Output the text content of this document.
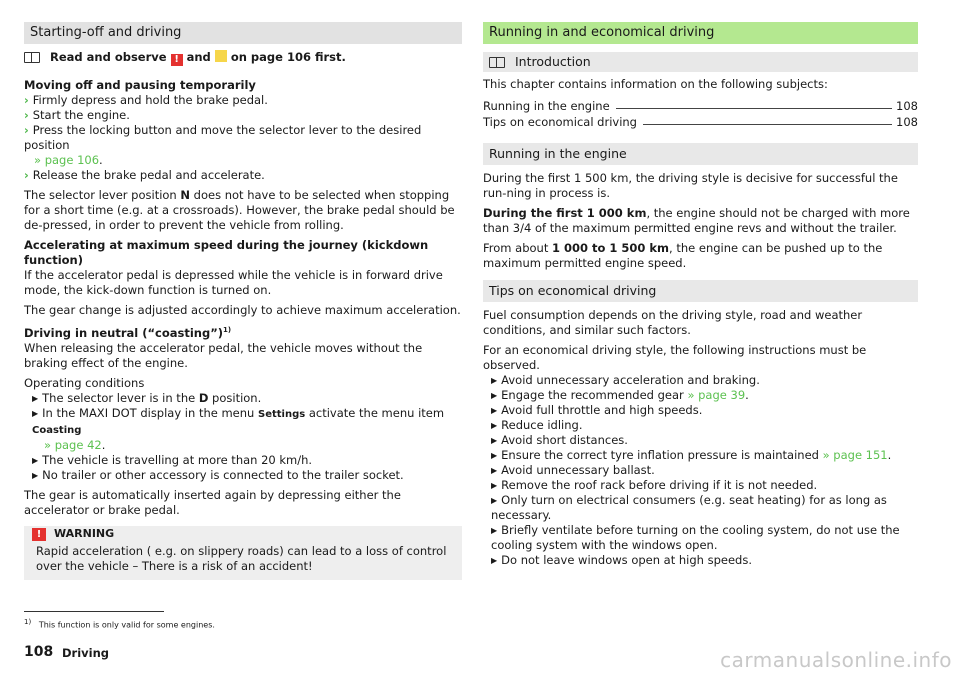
Starting-off and driving

Read and observe ! and on page 106 first.

Moving off and pausing temporarily

› Firmly depress and hold the brake pedal.

› Start the engine.

› Press the locking button and move the selector lever to the desired position
» page 106.

› Release the brake pedal and accelerate.

The selector lever position N does not have to be selected when stopping for a short time (e.g. at a crossroads). However, the brake pedal should be de-pressed, in order to prevent the vehicle from rolling.

Accelerating at maximum speed during the journey (kickdown function)

If the accelerator pedal is depressed while the vehicle is in forward drive mode, the kick-down function is turned on.

The gear change is adjusted accordingly to achieve maximum acceleration.

Driving in neutral (“coasting”)$^{1)}$

When releasing the accelerator pedal, the vehicle moves without the braking effect of the engine.

Operating conditions

▶ The selector lever is in the D position.

▶ In the MAXI DOT display in the menu Settings activate the menu item Coasting
» page 42.

▶ The vehicle is travelling at more than 20 km/h.

▶ No trailer or other accessory is connected to the trailer socket.

The gear is automatically inserted again by depressing either the accelerator or brake pedal.

! WARNING
Rapid acceleration ( e.g. on slippery roads) can lead to a loss of control over the vehicle – There is a risk of an accident!
Running in and economical driving
Introduction

This chapter contains information on the following subjects:

Running in the engine	108
Tips on economical driving	108
Running in the engine

During the first 1 500 km, the driving style is decisive for successful the run-ning in process is.

During the first 1 000 km, the engine should not be charged with more than 3/4 of the maximum permitted engine revs and without the trailer.

From about 1 000 to 1 500 km, the engine can be pushed up to the maximum permitted engine speed.

Tips on economical driving

Fuel consumption depends on the driving style, road and weather conditions, and similar such factors.

For an economical driving style, the following instructions must be observed.

▶ Avoid unnecessary acceleration and braking.

▶ Engage the recommended gear » page 39.

▶ Avoid full throttle and high speeds.

▶ Reduce idling.

▶ Avoid short distances.

▶ Ensure the correct tyre inflation pressure is maintained » page 151.

▶ Avoid unnecessary ballast.

▶ Remove the roof rack before driving if it is not needed.

▶ Only turn on electrical consumers (e.g. seat heating) for as long as necessary.

▶ Briefly ventilate before turning on the cooling system, do not use the cooling system with the windows open.

▶ Do not leave windows open at high speeds.

$^{1)}$ This function is only valid for some engines.
108 Driving	carmanualsonline.info
